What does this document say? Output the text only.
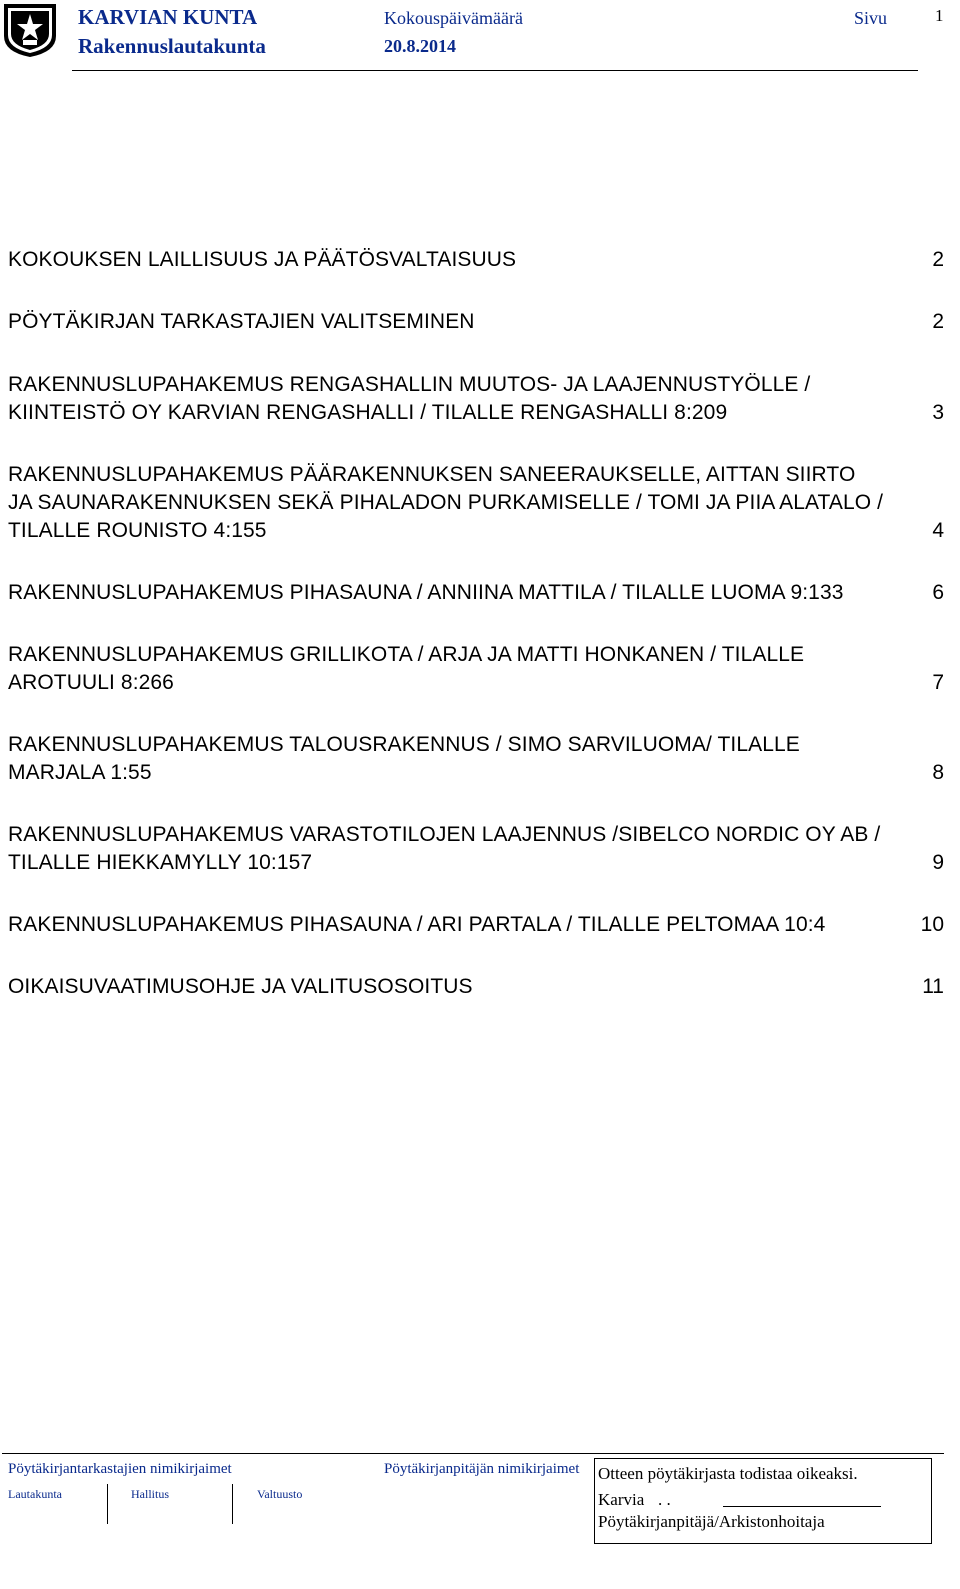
KARVIAN KUNTA
Rakennuslautakunta
Kokouspäivämäärä
20.8.2014
Sivu	1
KOKOUKSEN LAILLISUUS JA PÄÄTÖSVALTAISUUS	2
PÖYTÄKIRJAN TARKASTAJIEN VALITSEMINEN	2
RAKENNUSLUPAHAKEMUS RENGASHALLIN MUUTOS- JA LAAJENNUSTYÖLLE / KIINTEISTÖ OY KARVIAN RENGASHALLI / TILALLE RENGASHALLI 8:209	3
RAKENNUSLUPAHAKEMUS PÄÄRAKENNUKSEN SANEERAUKSELLE, AITTAN SIIRTO JA SAUNARAKENNUKSEN SEKÄ PIHALADON PURKAMISELLE / TOMI JA PIIA ALATALO / TILALLE ROUNISTO 4:155	4
RAKENNUSLUPAHAKEMUS PIHASAUNA / ANNIINA MATTILA / TILALLE LUOMA 9:133	6
RAKENNUSLUPAHAKEMUS GRILLIKOTA / ARJA JA MATTI HONKANEN / TILALLE AROTUULI 8:266	7
RAKENNUSLUPAHAKEMUS TALOUSRAKENNUS / SIMO SARVILUOMA/ TILALLE MARJALA 1:55	8
RAKENNUSLUPAHAKEMUS VARASTOTILOJEN LAAJENNUS /SIBELCO NORDIC OY AB / TILALLE HIEKKAMYLLY 10:157	9
RAKENNUSLUPAHAKEMUS PIHASAUNA / ARI PARTALA / TILALLE PELTOMAA 10:4	10
OIKAISUVAATIMUSOHJE JA VALITUSOSOITUS	11
Pöytäkirjantarkastajien nimikirjaimet
Lautakunta	Hallitus	Valtuusto
Pöytäkirjanpitäjän nimikirjaimet Otteen pöytäkirjasta todistaa oikeaksi.
Karvia . .
Pöytäkirjanpitäjä/Arkistonhoitaja
